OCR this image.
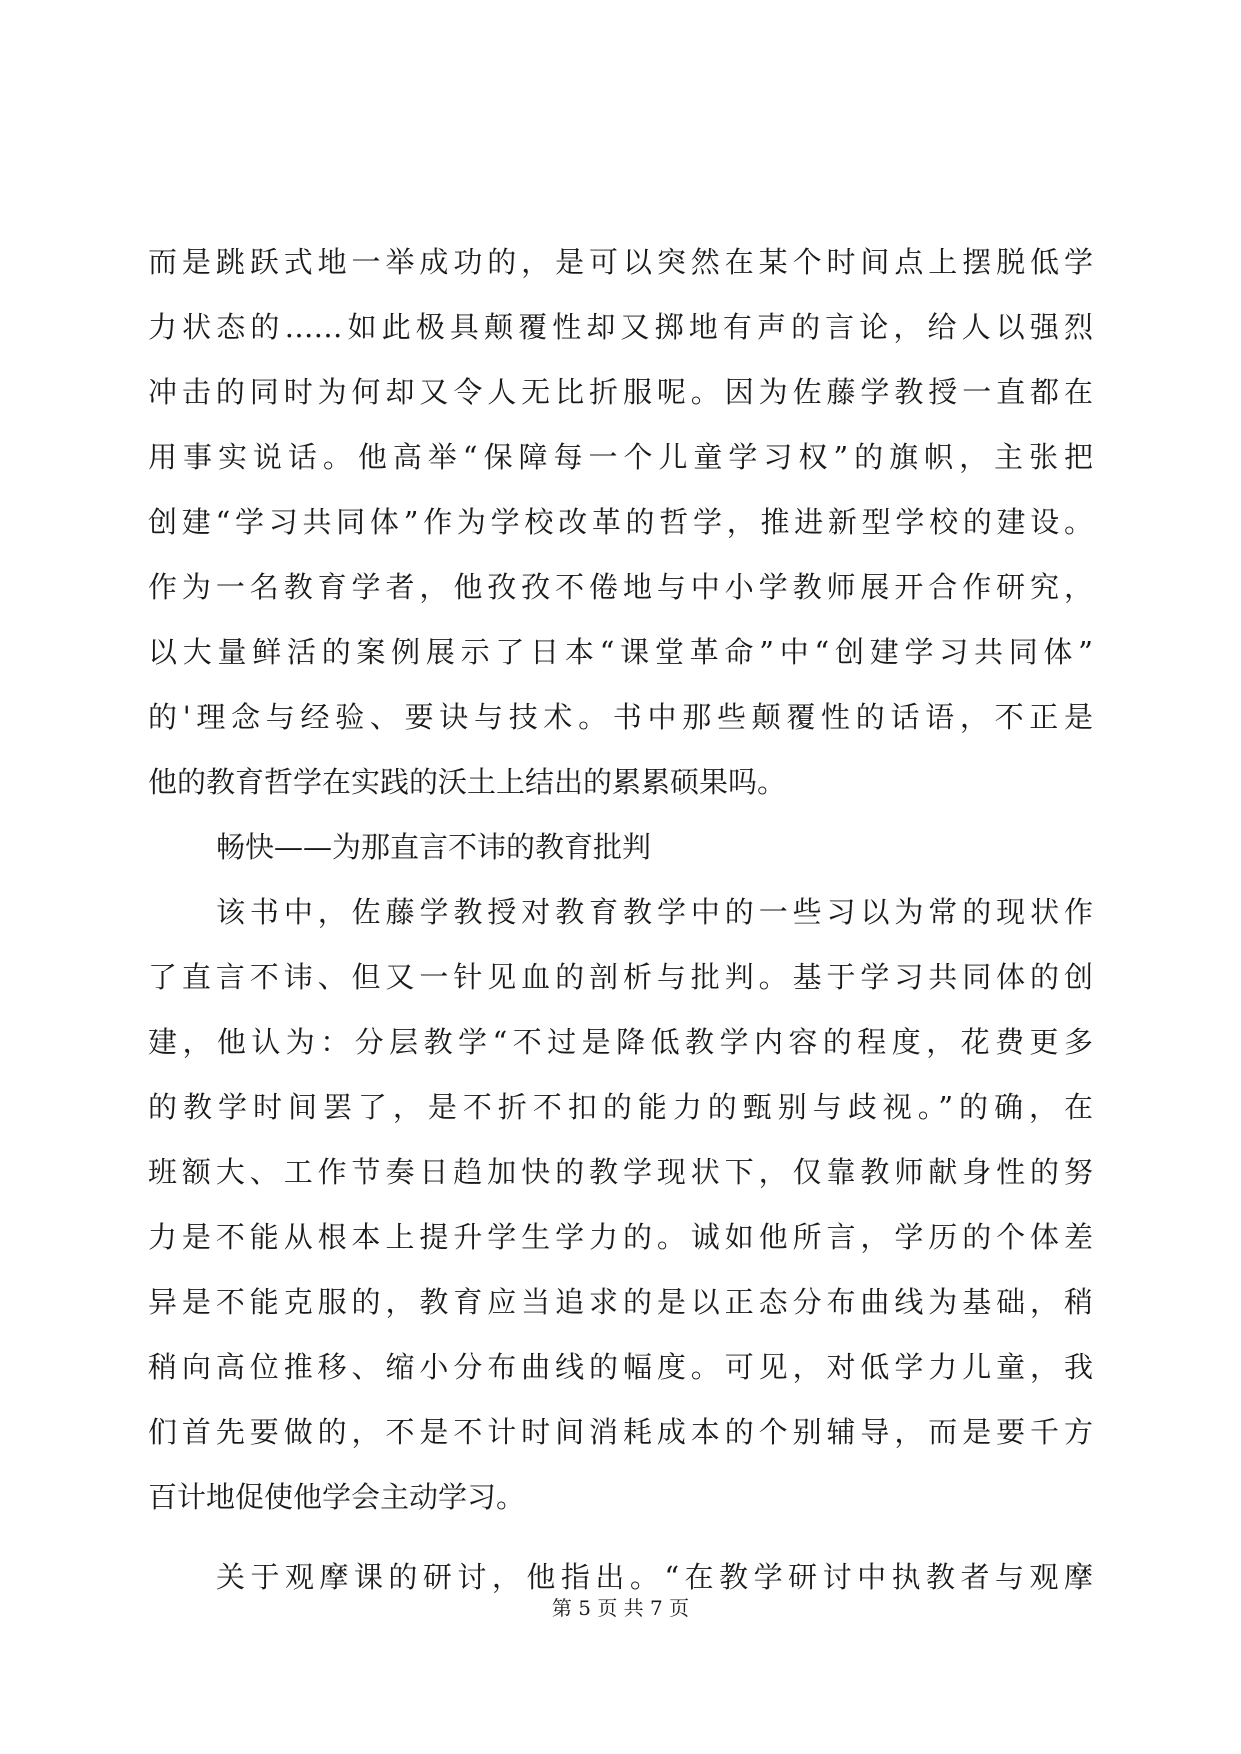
而是跳跃式地一举成功的，是可以突然在某个时间点上摆脱低学
力状态的……如此极具颠覆性却又掷地有声的言论，给人以强烈
冲击的同时为何却又令人无比折服呢。因为佐藤学教授一直都在
用事实说话。他高举“保障每一个儿童学习权”的旗帜，主张把
创建“学习共同体”作为学校改革的哲学，推进新型学校的建设。
作为一名教育学者，他孜孜不倦地与中小学教师展开合作研究，
以大量鲜活的案例展示了日本“课堂革命”中“创建学习共同体”
的'理念与经验、要诀与技术。书中那些颠覆性的话语，不正是
他的教育哲学在实践的沃土上结出的累累硕果吗。
畅快——为那直言不讳的教育批判
该书中，佐藤学教授对教育教学中的一些习以为常的现状作
了直言不讳、但又一针见血的剖析与批判。基于学习共同体的创
建，他认为：分层教学“不过是降低教学内容的程度，花费更多
的教学时间罢了，是不折不扣的能力的甄别与歧视。”的确，在
班额大、工作节奏日趋加快的教学现状下，仅靠教师献身性的努
力是不能从根本上提升学生学力的。诚如他所言，学历的个体差
异是不能克服的，教育应当追求的是以正态分布曲线为基础，稍
稍向高位推移、缩小分布曲线的幅度。可见，对低学力儿童，我
们首先要做的，不是不计时间消耗成本的个别辅导，而是要千方
百计地促使他学会主动学习。
关于观摩课的研讨，他指出。“在教学研讨中执教者与观摩
第 5 页 共 7 页
